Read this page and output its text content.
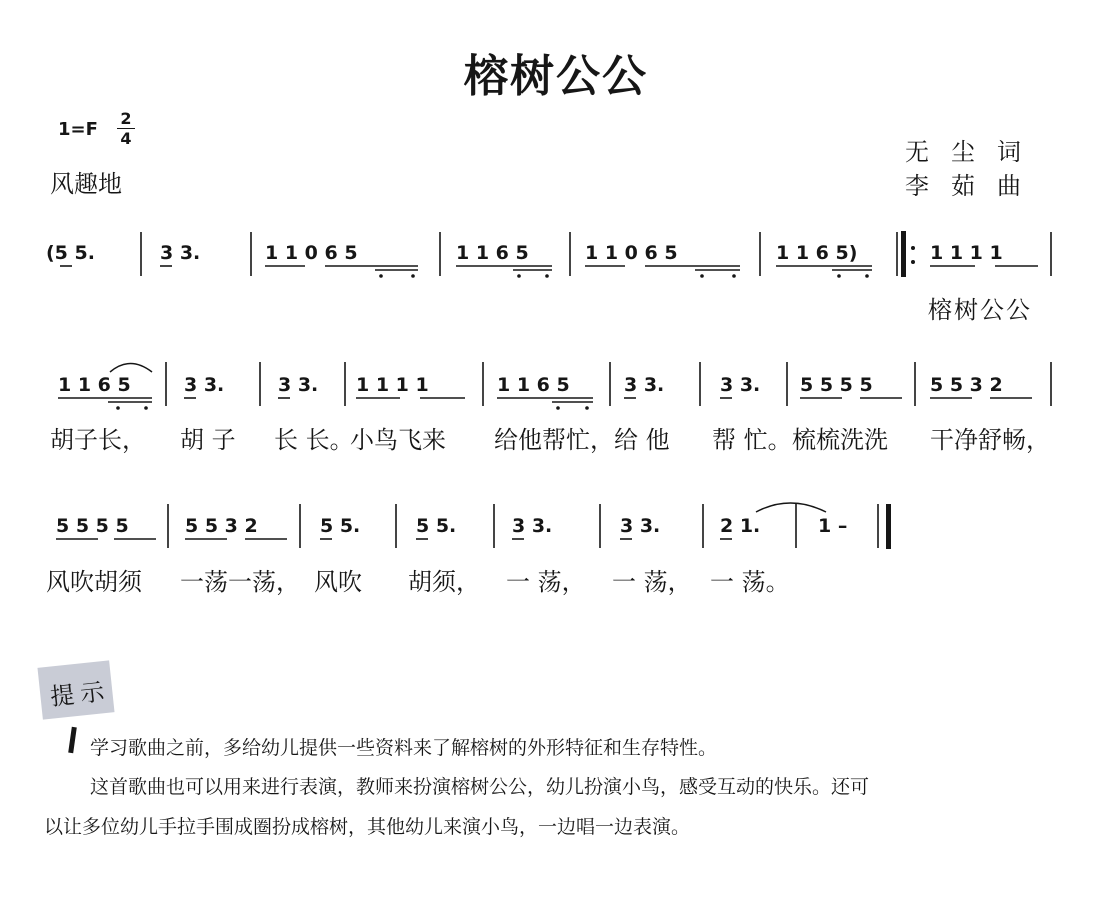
榕树公公
1=F
2
4
风趣地
无尘词
李茹曲
(5 5.	3 3.	1 1 0 6 5	1 1 6 5	1 1 0 6 5	1 1 6 5)	1 1 1 1
榕树公公
1 1 6 5	3 3.	3 3. 1 1 1 1	1 1 6 5	3 3.	3 3. 5 5 5 5	5 5 3 2
胡子长， 胡 子 长 长。
小鸟飞来 给他帮忙， 给 他 帮 忙。 梳梳洗洗 干净舒畅，
5 5 5 5	5 5 3 2	5 5.	5 5.	3 3.	3 3.	2 1.	1 –
风吹胡须 一荡一荡， 风吹 胡须， 一 荡， 一 荡， 一 荡。
提示
学习歌曲之前，多给幼儿提供一些资料来了解榕树的外形特征和生存特性。
这首歌曲也可以用来进行表演，教师来扮演榕树公公，幼儿扮演小鸟，感受互动的快乐。还可
以让多位幼儿手拉手围成圈扮成榕树，其他幼儿来演小鸟，一边唱一边表演。
